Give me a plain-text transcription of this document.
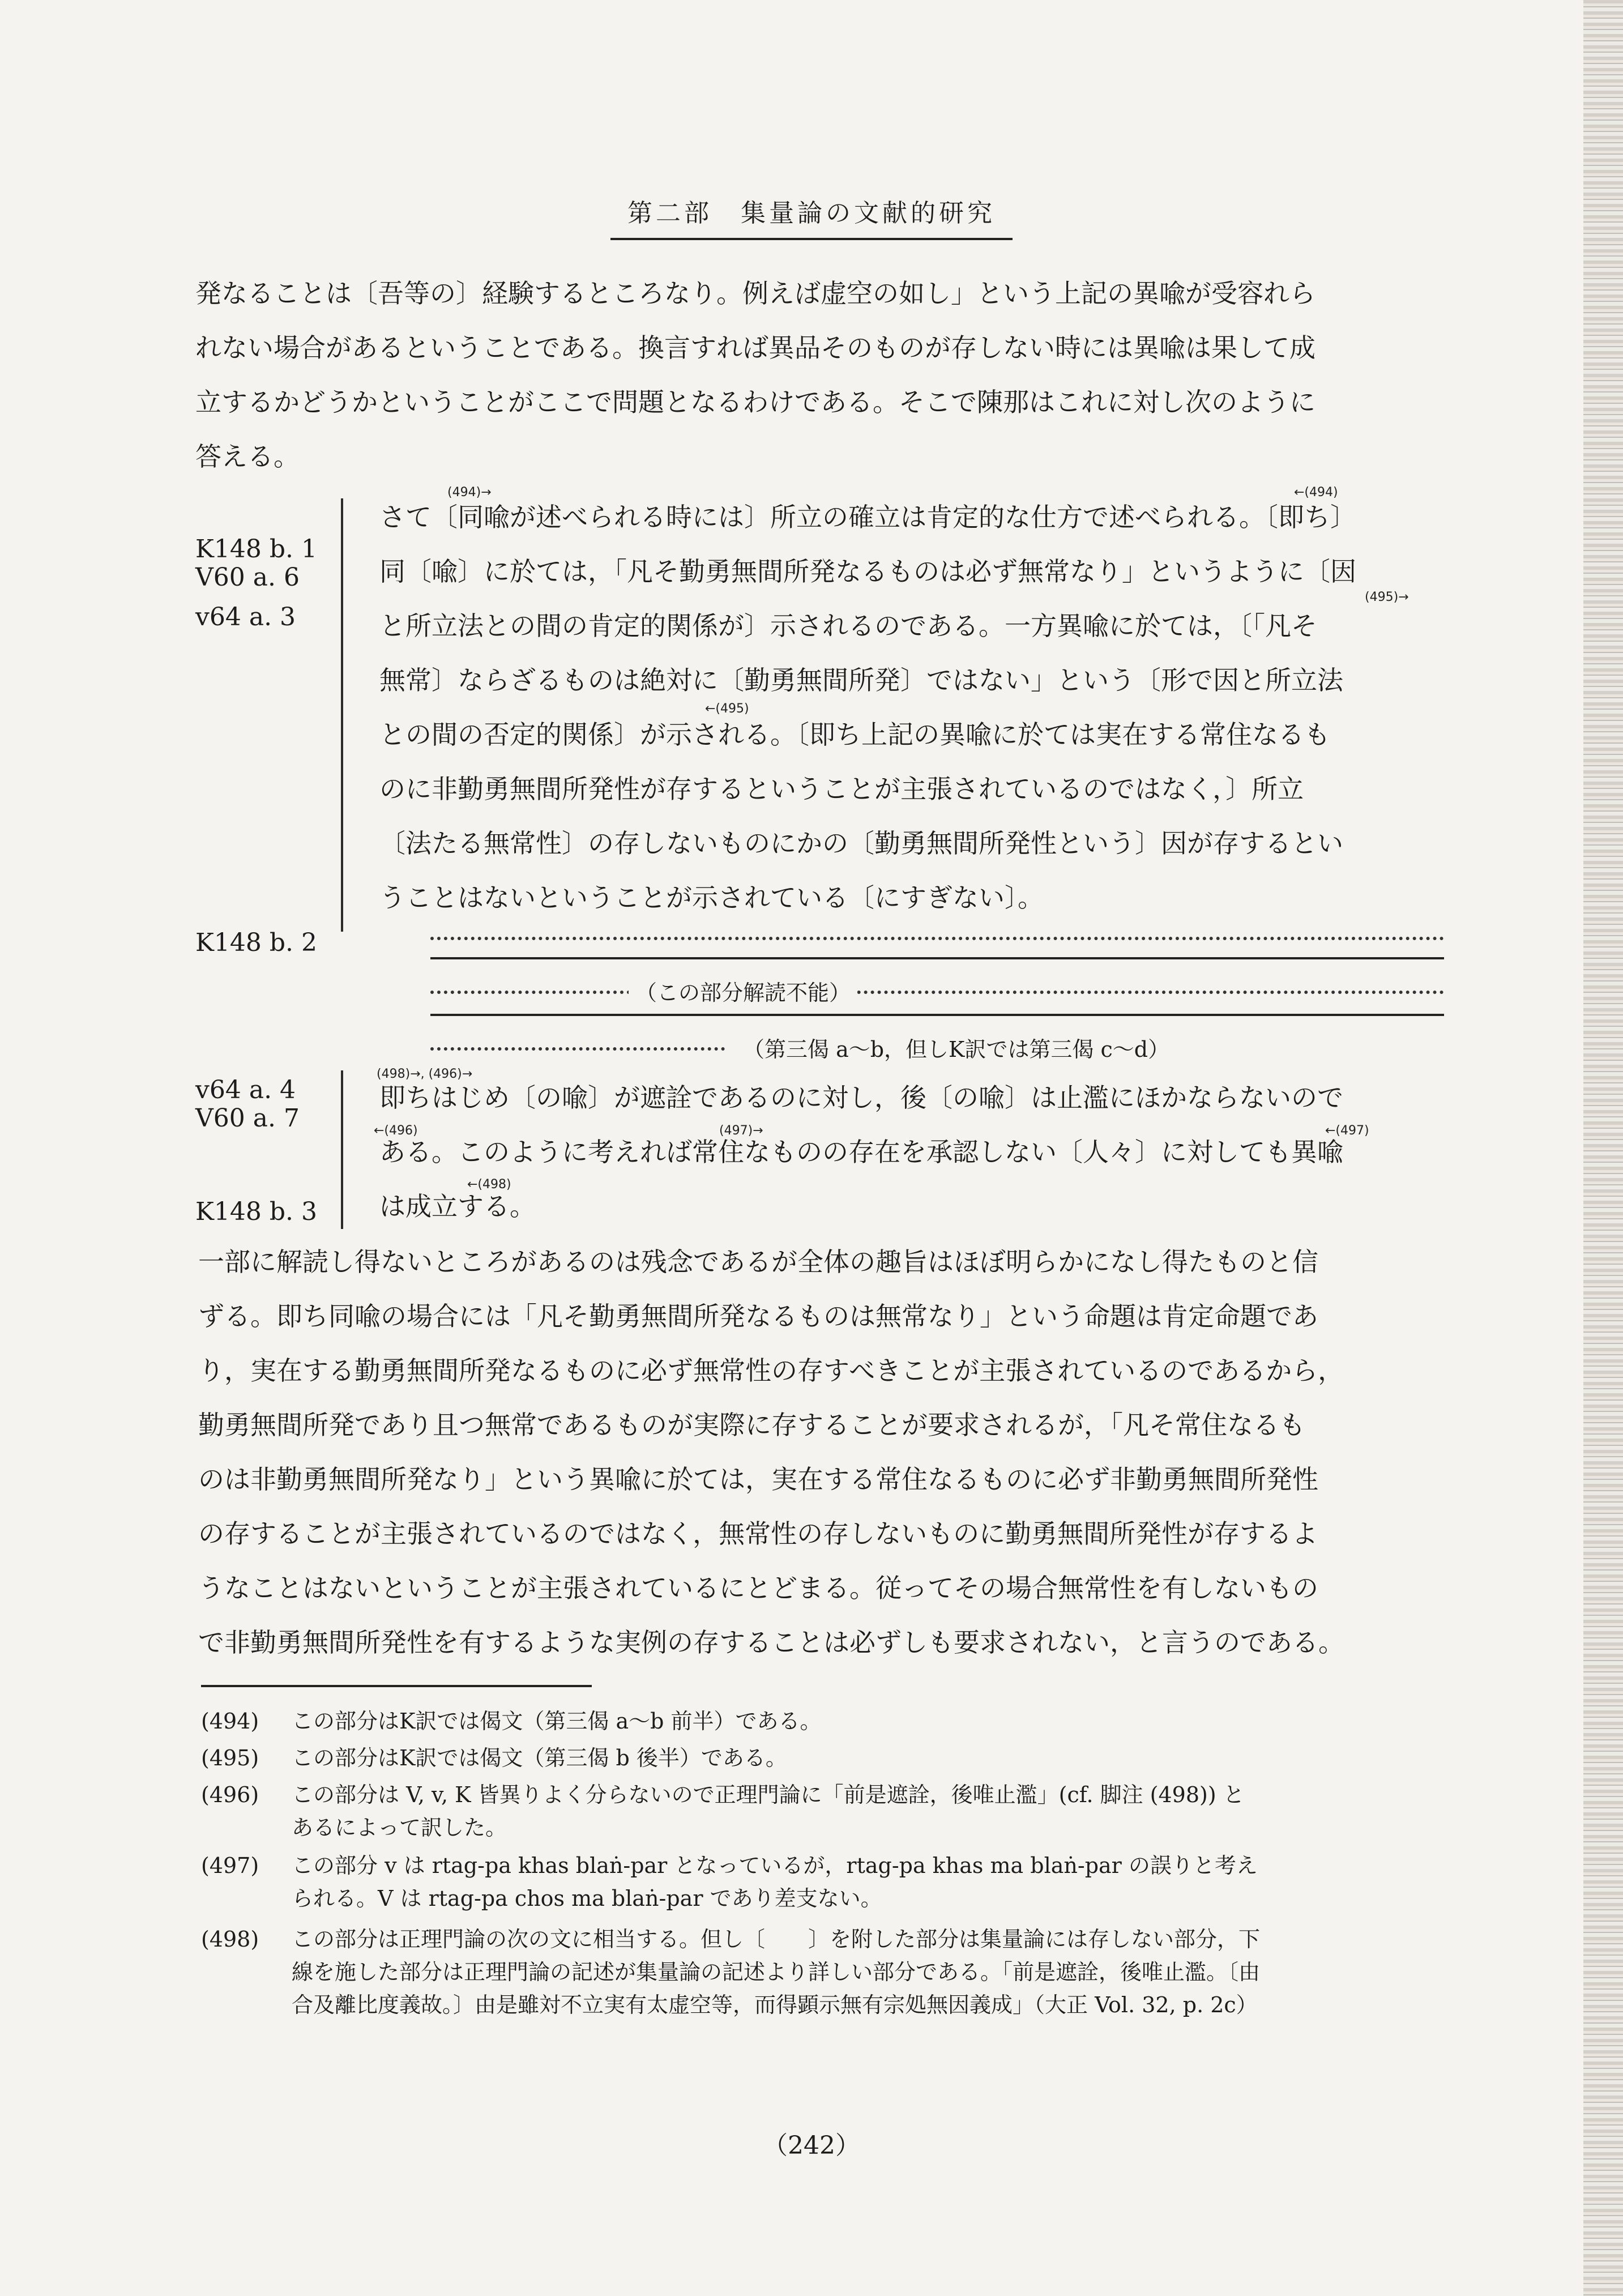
第二部　集量論の文献的研究
発なることは〔吾等の〕経験するところなり。例えば虚空の如し」という上記の異喩が受容れら
れない場合があるということである。換言すれば異品そのものが存しない時には異喩は果して成
立するかどうかということがここで問題となるわけである。そこで陳那はこれに対し次のように
答える。
K148 b. 1
V60 a. 6
v64 a. 3
K148 b. 2
v64 a. 4
V60 a. 7
K148 b. 3
さて〔同喩が述べられる時には〕所立の確立は肯定的な仕方で述べられる。〔即ち〕
同〔喩〕に於ては，「凡そ勤勇無間所発なるものは必ず無常なり」というように〔因
と所立法との間の肯定的関係が〕示されるのである。一方異喩に於ては，〔「凡そ
無常〕ならざるものは絶対に〔勤勇無間所発〕ではない」という〔形で因と所立法
との間の否定的関係〕が示される。〔即ち上記の異喩に於ては実在する常住なるも
のに非勤勇無間所発性が存するということが主張されているのではなく，〕所立
〔法たる無常性〕の存しないものにかの〔勤勇無間所発性という〕因が存するとい
うことはないということが示されている〔にすぎない〕。
(494)→	←(494)
(495)→
←(495)
（この部分解読不能）
（第三偈 a～b，但しK訳では第三偈 c～d）
即ちはじめ〔の喩〕が遮詮であるのに対し，後〔の喩〕は止濫にほかならないので
ある。このように考えれば常住なものの存在を承認しない〔人々〕に対しても異喩
は成立する。
(498)→, (496)→
←(496)	(497)→	←(497)
←(498)
一部に解読し得ないところがあるのは残念であるが全体の趣旨はほぼ明らかになし得たものと信
ずる。即ち同喩の場合には「凡そ勤勇無間所発なるものは無常なり」という命題は肯定命題であ
り，実在する勤勇無間所発なるものに必ず無常性の存すべきことが主張されているのであるから，
勤勇無間所発であり且つ無常であるものが実際に存することが要求されるが，「凡そ常住なるも
のは非勤勇無間所発なり」という異喩に於ては，実在する常住なるものに必ず非勤勇無間所発性
の存することが主張されているのではなく，無常性の存しないものに勤勇無間所発性が存するよ
うなことはないということが主張されているにとどまる。従ってその場合無常性を有しないもの
で非勤勇無間所発性を有するような実例の存することは必ずしも要求されない，と言うのである。
(494) この部分はK訳では偈文（第三偈 a～b 前半）である。
(495) この部分はK訳では偈文（第三偈 b 後半）である。
(496) この部分は V, v, K 皆異りよく分らないので正理門論に「前是遮詮，後唯止濫」(cf. 脚注 (498)) と
あるによって訳した。
(497) この部分 v は rtag-pa khas blaṅ-par となっているが，rtag-pa khas ma blaṅ-par の誤りと考え
られる。V は rtag-pa chos ma blaṅ-par であり差支ない。
(498) この部分は正理門論の次の文に相当する。但し〔　　〕を附した部分は集量論には存しない部分，下
線を施した部分は正理門論の記述が集量論の記述より詳しい部分である。「前是遮詮，後唯止濫。〔由
合及離比度義故。〕由是雖対不立実有太虚空等，而得顕示無有宗処無因義成」（大正 Vol. 32, p. 2c）
（242）
